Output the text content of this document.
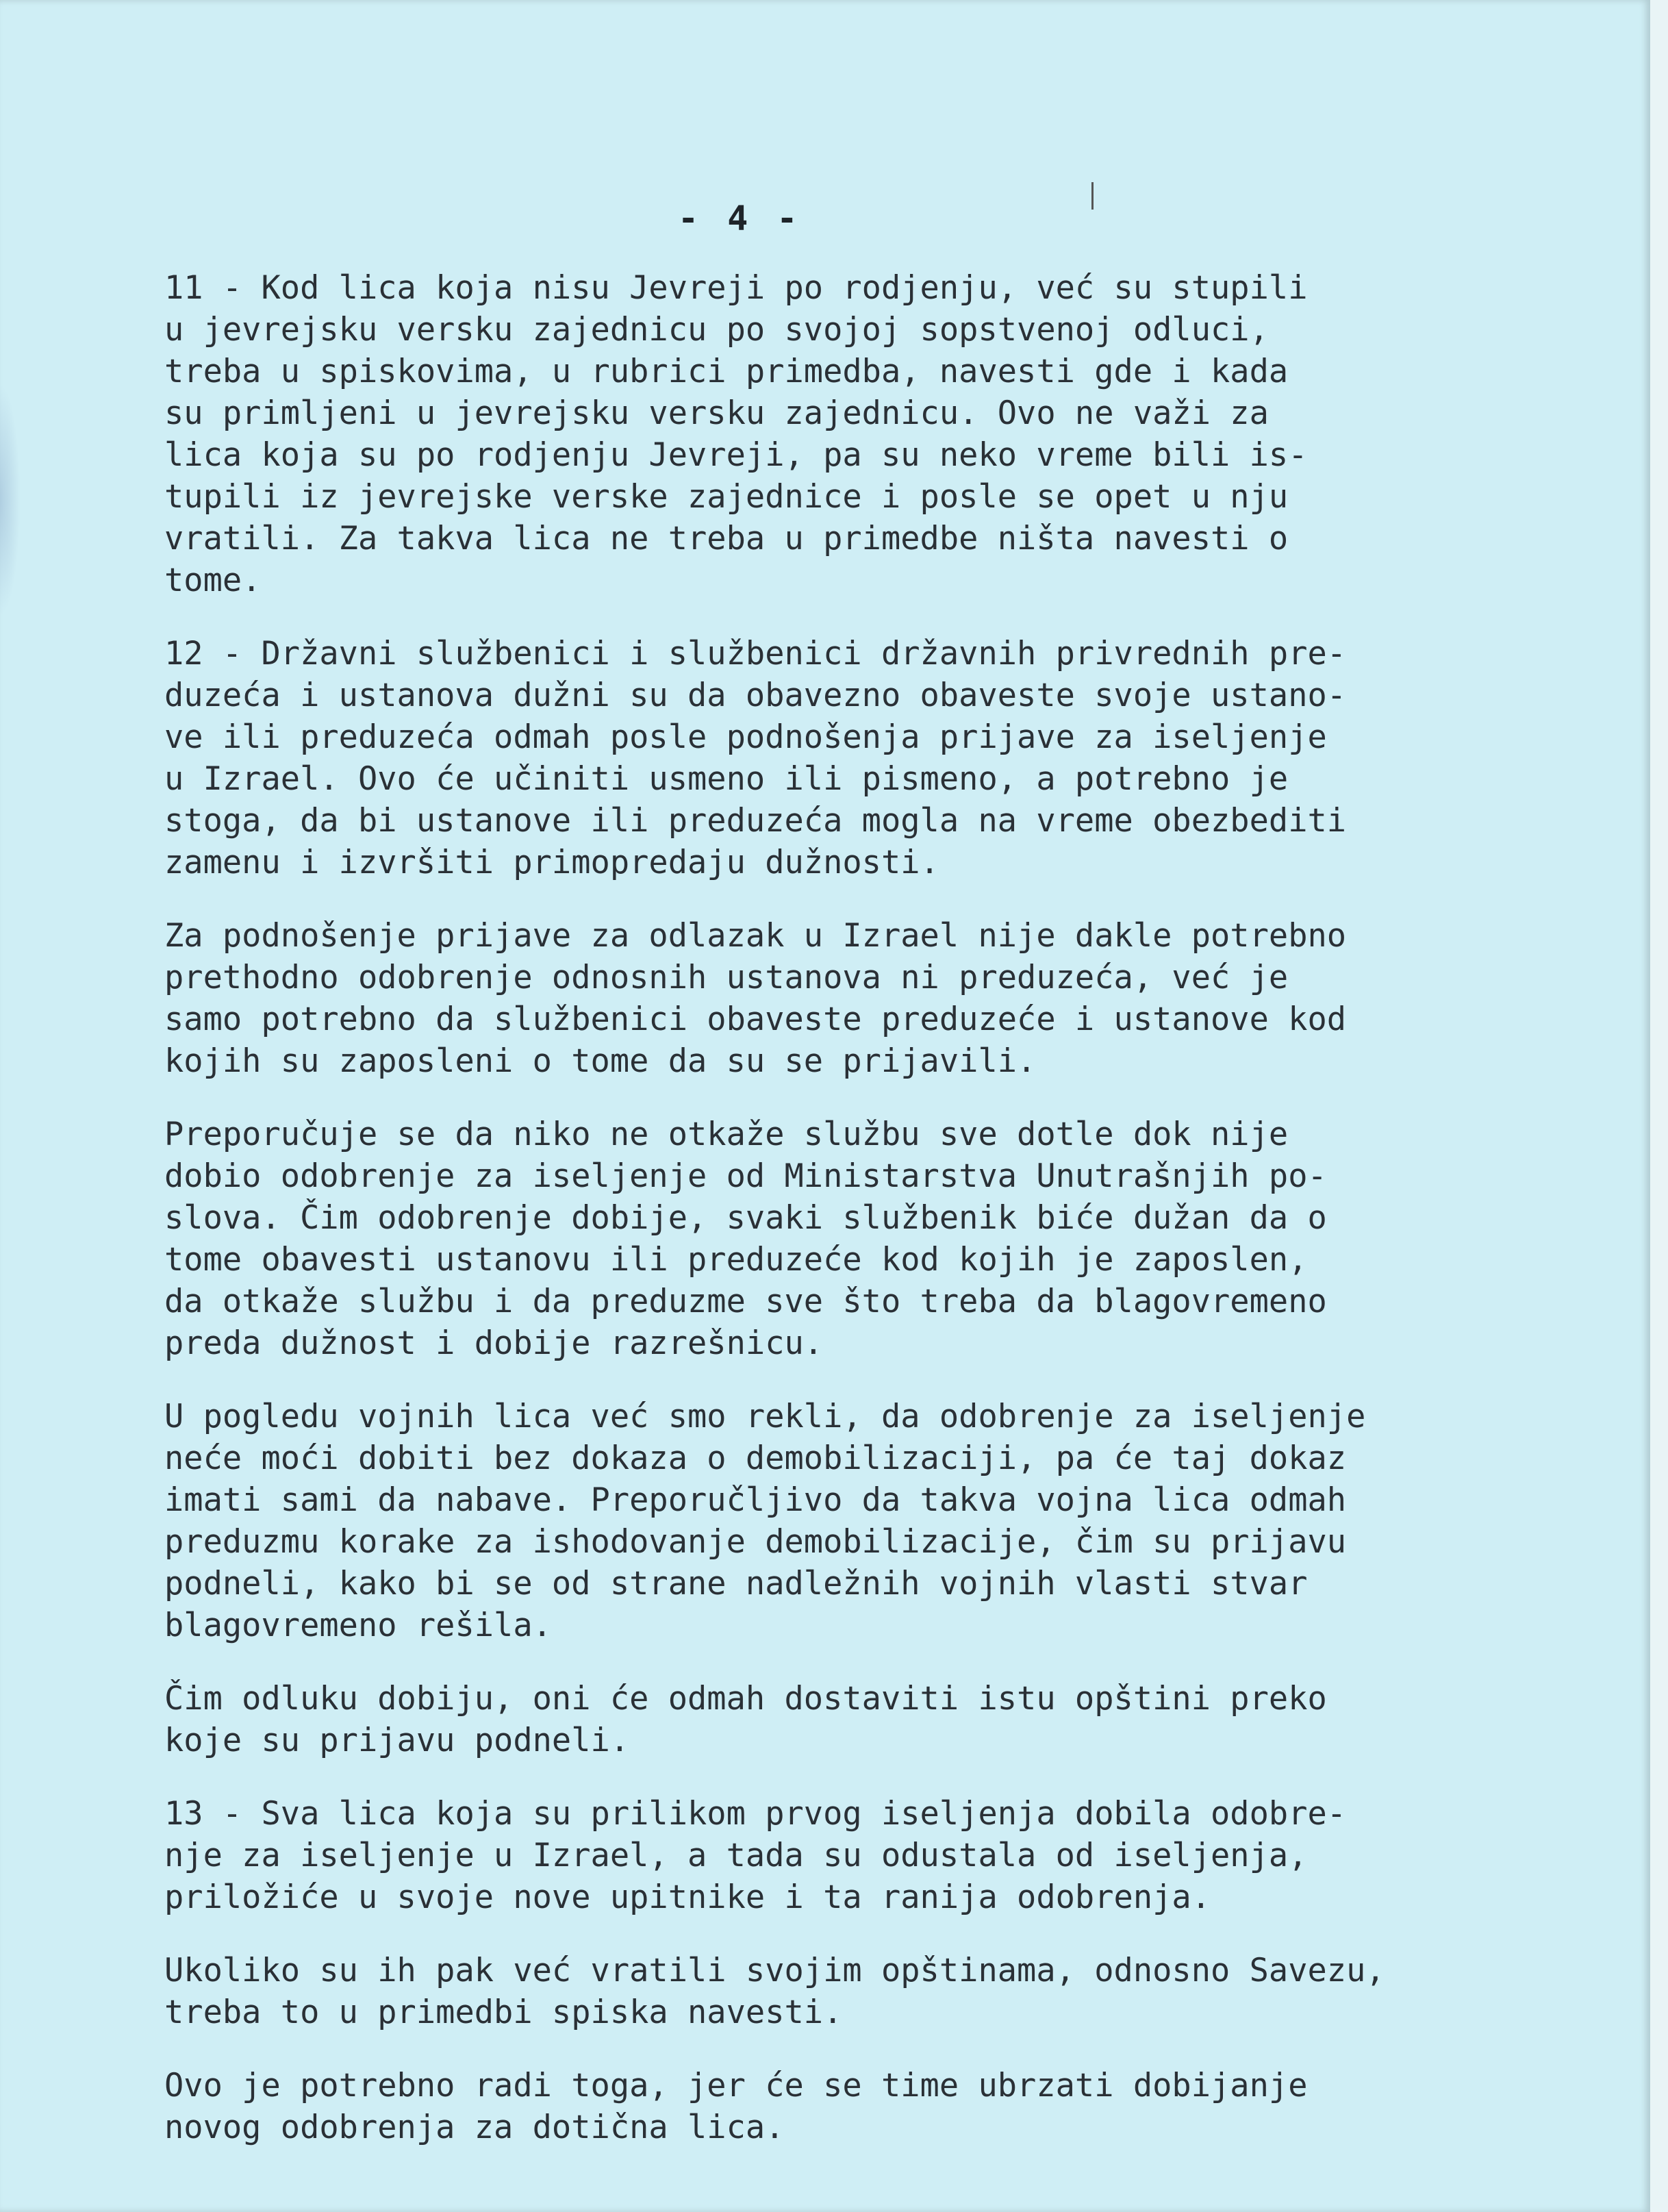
- 4 -

11 - Kod lica koja nisu Jevreji po rodjenju, već su stupili
u jevrejsku versku zajednicu po svojoj sopstvenoj odluci,
treba u spiskovima, u rubrici primedba, navesti gde i kada
su primljeni u jevrejsku versku zajednicu. Ovo ne važi za
lica koja su po rodjenju Jevreji, pa su neko vreme bili is-
tupili iz jevrejske verske zajednice i posle se opet u nju
vratili. Za takva lica ne treba u primedbe ništa navesti o
tome.

12 - Državni službenici i službenici državnih privrednih pre-
duzeća i ustanova dužni su da obavezno obaveste svoje ustano-
ve ili preduzeća odmah posle podnošenja prijave za iseljenje
u Izrael. Ovo će učiniti usmeno ili pismeno, a potrebno je
stoga, da bi ustanove ili preduzeća mogla na vreme obezbediti
zamenu i izvršiti primopredaju dužnosti.

Za podnošenje prijave za odlazak u Izrael nije dakle potrebno
prethodno odobrenje odnosnih ustanova ni preduzeća, već je
samo potrebno da službenici obaveste preduzeće i ustanove kod
kojih su zaposleni o tome da su se prijavili.

Preporučuje se da niko ne otkaže službu sve dotle dok nije
dobio odobrenje za iseljenje od Ministarstva Unutrašnjih po-
slova. Čim odobrenje dobije, svaki službenik biće dužan da o
tome obavesti ustanovu ili preduzeće kod kojih je zaposlen,
da otkaže službu i da preduzme sve što treba da blagovremeno
preda dužnost i dobije razrešnicu.

U pogledu vojnih lica već smo rekli, da odobrenje za iseljenje
neće moći dobiti bez dokaza o demobilizaciji, pa će taj dokaz
imati sami da nabave. Preporučljivo da takva vojna lica odmah
preduzmu korake za ishodovanje demobilizacije, čim su prijavu
podneli, kako bi se od strane nadležnih vojnih vlasti stvar
blagovremeno rešila.

Čim odluku dobiju, oni će odmah dostaviti istu opštini preko
koje su prijavu podneli.

13 - Sva lica koja su prilikom prvog iseljenja dobila odobre-
nje za iseljenje u Izrael, a tada su odustala od iseljenja,
priložiće u svoje nove upitnike i ta ranija odobrenja.

Ukoliko su ih pak već vratili svojim opštinama, odnosno Savezu,
treba to u primedbi spiska navesti.

Ovo je potrebno radi toga, jer će se time ubrzati dobijanje
novog odobrenja za dotična lica.
